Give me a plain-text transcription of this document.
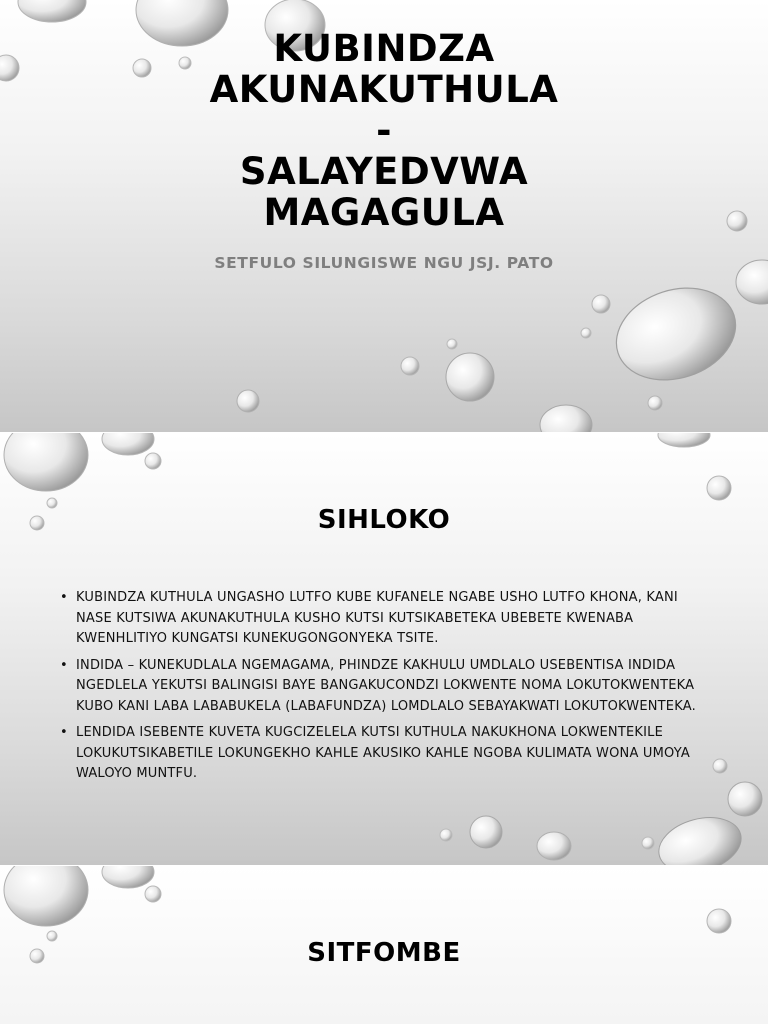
KUBINDZA
AKUNAKUTHULA
-
SALAYEDVWA
MAGAGULA
SETFULO SILUNGISWE NGU JSJ. PATO
SIHLOKO
• KUBINDZA KUTHULA UNGASHO LUTFO KUBE KUFANELE NGABE USHO LUTFO KHONA, KANI NASE KUTSIWA AKUNAKUTHULA KUSHO KUTSI KUTSIKABETEKA UBEBETE KWENABA KWENHLITIYO KUNGATSI KUNEKUGONGONYEKA TSITE.
• INDIDA – KUNEKUDLALA NGEMAGAMA, PHINDZE KAKHULU UMDLALO USEBENTISA INDIDA NGEDLELA YEKUTSI BALINGISI BAYE BANGAKUCONDZI LOKWENTE NOMA LOKUTOKWENTEKA KUBO KANI LABA LABABUKELA (LABAFUNDZA) LOMDLALO SEBAYAKWATI LOKUTOKWENTEKA.
• LENDIDA ISEBENTE KUVETA KUGCIZELELA KUTSI KUTHULA NAKUKHONA LOKWENTEKILE LOKUKUTSIKABETILE LOKUNGEKHO KAHLE AKUSIKO KAHLE NGOBA KULIMATA WONA UMOYA WALOYO MUNTFU.
SITFOMBE
